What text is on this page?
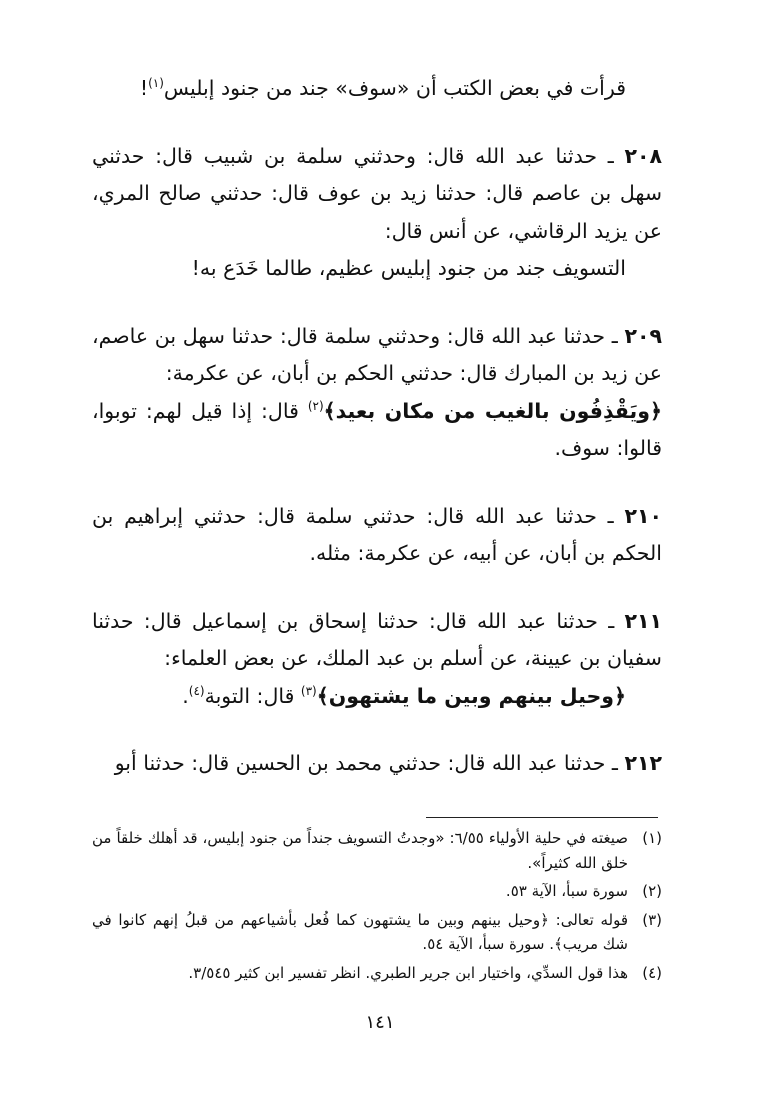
قرأت في بعض الكتب أن «سوف» جند من جنود إبليس$^{(١)}$!

٢٠٨ ـ حدثنا عبد الله قال: وحدثني سلمة بن شبيب قال: حدثني سهل بن عاصم قال: حدثنا زيد بن عوف قال: حدثني صالح المري، عن يزيد الرقاشي، عن أنس قال:

التسويف جند من جنود إبليس عظيم، طالما خَدَع به!

٢٠٩ ـ حدثنا عبد الله قال: وحدثني سلمة قال: حدثنا سهل بن عاصم، عن زيد بن المبارك قال: حدثني الحكم بن أبان، عن عكرمة:

﴿ويَقْذِفُون بالغيب من مكان بعيد﴾$^{(٢)}$ قال: إذا قيل لهم: توبوا، قالوا: سوف.

٢١٠ ـ حدثنا عبد الله قال: حدثني سلمة قال: حدثني إبراهيم بن الحكم بن أبان، عن أبيه، عن عكرمة: مثله.

٢١١ ـ حدثنا عبد الله قال: حدثنا إسحاق بن إسماعيل قال: حدثنا سفيان بن عيينة، عن أسلم بن عبد الملك، عن بعض العلماء:

﴿وحيل بينهم وبين ما يشتهون﴾$^{(٣)}$ قال: التوبة$^{(٤)}$.

٢١٢ ـ حدثنا عبد الله قال: حدثني محمد بن الحسين قال: حدثنا أبو

(١)
صيغته في حلية الأولياء ٦/٥٥: «وجدتُ التسويف جنداً من جنود إبليس، قد أهلك خلقاً من خلق الله كثيراً».
(٢)
سورة سبأ، الآية ٥٣.
(٣)
قوله تعالى: ﴿وحيل بينهم وبين ما يشتهون كما فُعل بأشياعهم من قبلُ إنهم كانوا في شك مريب﴾. سورة سبأ، الآية ٥٤.
(٤)
هذا قول السدِّي، واختيار ابن جرير الطبري. انظر تفسير ابن كثير ٣/٥٤٥.
١٤١
